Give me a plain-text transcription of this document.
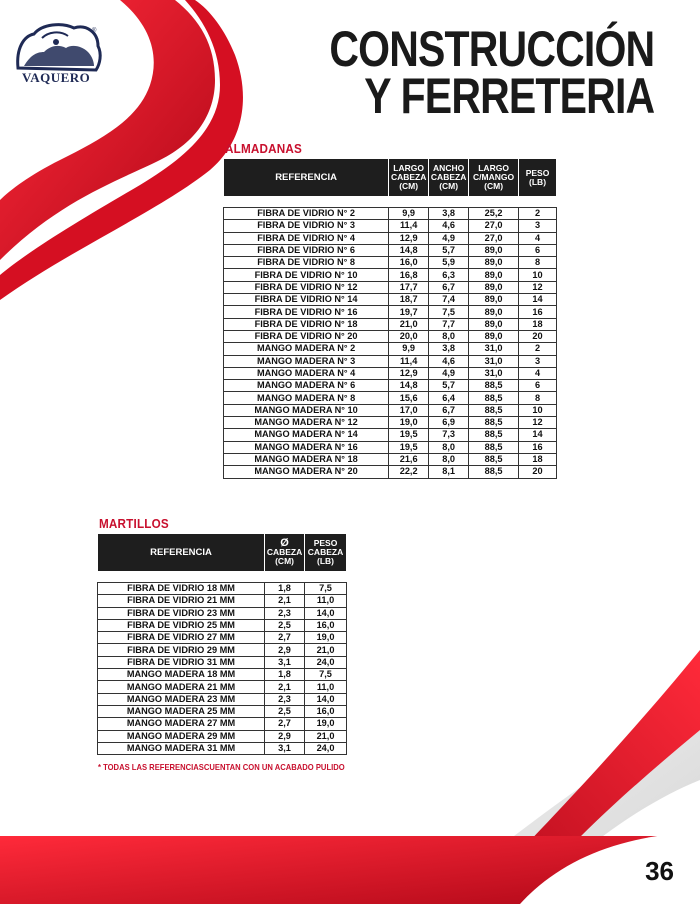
®
VAQUERO
CONSTRUCCIÓN
Y FERRETERIA
ALMADANAS
REFERENCIA	LARGO
CABEZA
(CM)	ANCHO
CABEZA
(CM)	LARGO
C/MANGO
(CM)	PESO
(LB)

FIBRA DE VIDRIO N° 2	9,9	3,8	25,2	2
FIBRA DE VIDRIO N° 3	11,4	4,6	27,0	3
FIBRA DE VIDRIO N° 4	12,9	4,9	27,0	4
FIBRA DE VIDRIO N° 6	14,8	5,7	89,0	6
FIBRA DE VIDRIO N° 8	16,0	5,9	89,0	8
FIBRA DE VIDRIO N° 10	16,8	6,3	89,0	10
FIBRA DE VIDRIO N° 12	17,7	6,7	89,0	12
FIBRA DE VIDRIO N° 14	18,7	7,4	89,0	14
FIBRA DE VIDRIO N° 16	19,7	7,5	89,0	16
FIBRA DE VIDRIO N° 18	21,0	7,7	89,0	18
FIBRA DE VIDRIO N° 20	20,0	8,0	89,0	20
MANGO MADERA N° 2	9,9	3,8	31,0	2
MANGO MADERA N° 3	11,4	4,6	31,0	3
MANGO MADERA N° 4	12,9	4,9	31,0	4
MANGO MADERA N° 6	14,8	5,7	88,5	6
MANGO MADERA N° 8	15,6	6,4	88,5	8
MANGO MADERA N° 10	17,0	6,7	88,5	10
MANGO MADERA N° 12	19,0	6,9	88,5	12
MANGO MADERA N° 14	19,5	7,3	88,5	14
MANGO MADERA N° 16	19,5	8,0	88,5	16
MANGO MADERA N° 18	21,6	8,0	88,5	18
MANGO MADERA N° 20	22,2	8,1	88,5	20
MARTILLOS
REFERENCIA	Ø
CABEZA
(CM)	PESO
CABEZA
(LB)

FIBRA DE VIDRIO 18 MM	1,8	7,5
FIBRA DE VIDRIO 21 MM	2,1	11,0
FIBRA DE VIDRIO 23 MM	2,3	14,0
FIBRA DE VIDRIO 25 MM	2,5	16,0
FIBRA DE VIDRIO 27 MM	2,7	19,0
FIBRA DE VIDRIO 29 MM	2,9	21,0
FIBRA DE VIDRIO 31 MM	3,1	24,0
MANGO MADERA 18 MM	1,8	7,5
MANGO MADERA 21 MM	2,1	11,0
MANGO MADERA 23 MM	2,3	14,0
MANGO MADERA 25 MM	2,5	16,0
MANGO MADERA 27 MM	2,7	19,0
MANGO MADERA 29 MM	2,9	21,0
MANGO MADERA 31 MM	3,1	24,0
* TODAS LAS REFERENCIASCUENTAN CON UN ACABADO PULIDO
36
